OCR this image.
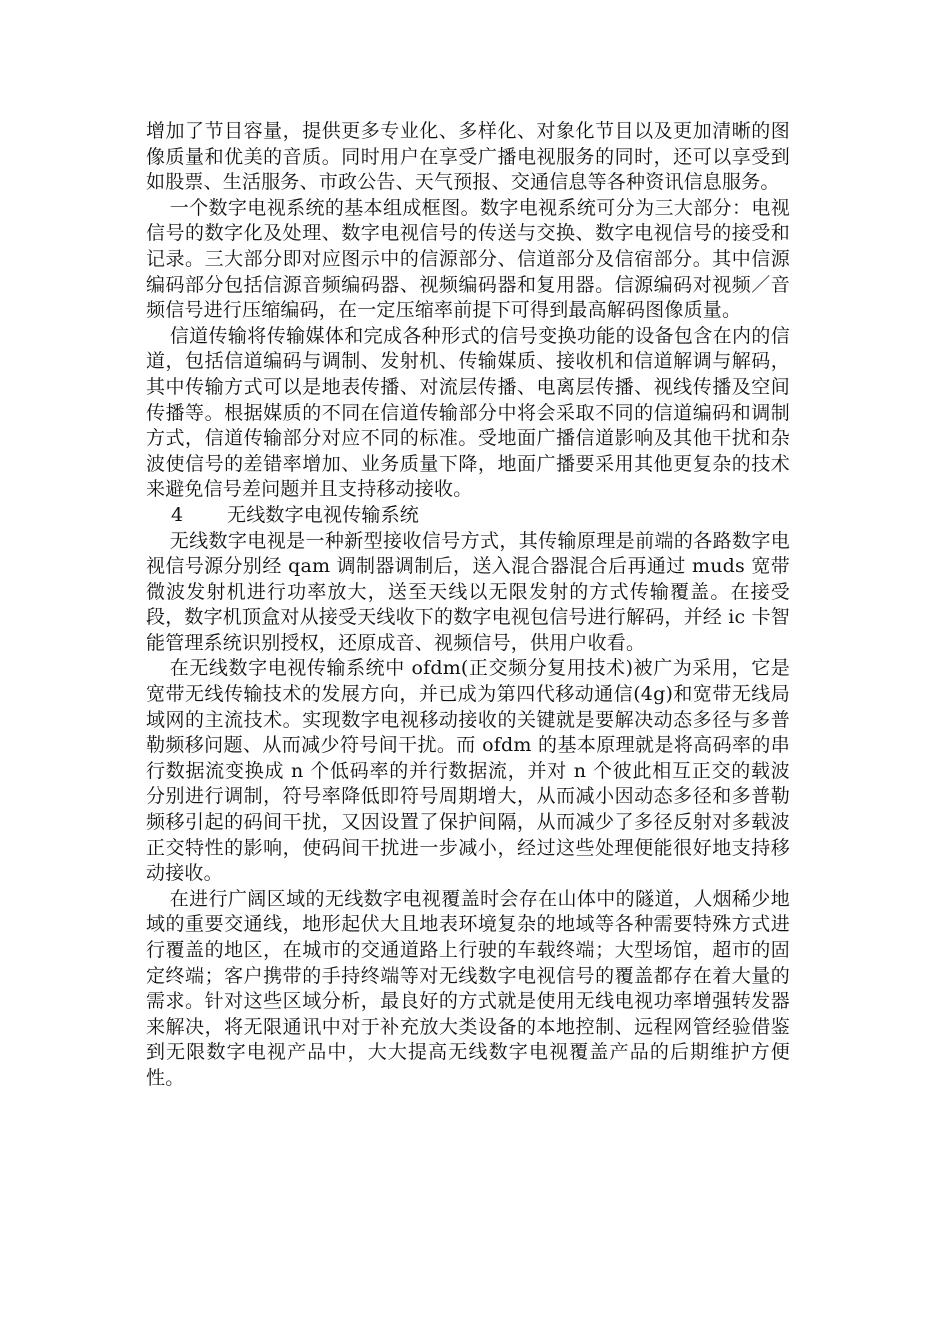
增加了节目容量，提供更多专业化、多样化、对象化节目以及更加清晰的图像质量和优美的音质。同时用户在享受广播电视服务的同时，还可以享受到如股票、生活服务、市政公告、天气预报、交通信息等各种资讯信息服务。

一个数字电视系统的基本组成框图。数字电视系统可分为三大部分：电视信号的数字化及处理、数字电视信号的传送与交换、数字电视信号的接受和记录。三大部分即对应图示中的信源部分、信道部分及信宿部分。其中信源编码部分包括信源音频编码器、视频编码器和复用器。信源编码对视频／音频信号进行压缩编码，在一定压缩率前提下可得到最高解码图像质量。

信道传输将传输媒体和完成各种形式的信号变换功能的设备包含在内的信道，包括信道编码与调制、发射机、传输媒质、接收机和信道解调与解码，其中传输方式可以是地表传播、对流层传播、电离层传播、视线传播及空间传播等。根据媒质的不同在信道传输部分中将会采取不同的信道编码和调制方式，信道传输部分对应不同的标准。受地面广播信道影响及其他干扰和杂波使信号的差错率增加、业务质量下降，地面广播要采用其他更复杂的技术来避免信号差问题并且支持移动接收。

4 无线数字电视传输系统

无线数字电视是一种新型接收信号方式，其传输原理是前端的各路数字电视信号源分别经 qam 调制器调制后，送入混合器混合后再通过 muds 宽带微波发射机进行功率放大，送至天线以无限发射的方式传输覆盖。在接受段，数字机顶盒对从接受天线收下的数字电视包信号进行解码，并经 ic 卡智能管理系统识别授权，还原成音、视频信号，供用户收看。

在无线数字电视传输系统中 ofdm(正交频分复用技术)被广为采用，它是宽带无线传输技术的发展方向，并已成为第四代移动通信(4g)和宽带无线局域网的主流技术。实现数字电视移动接收的关键就是要解决动态多径与多普勒频移问题、从而减少符号间干扰。而 ofdm 的基本原理就是将高码率的串行数据流变换成 n 个低码率的并行数据流，并对 n 个彼此相互正交的载波分别进行调制，符号率降低即符号周期增大，从而减小因动态多径和多普勒频移引起的码间干扰，又因设置了保护间隔，从而减少了多径反射对多载波正交特性的影响，使码间干扰进一步减小，经过这些处理便能很好地支持移动接收。

在进行广阔区域的无线数字电视覆盖时会存在山体中的隧道，人烟稀少地域的重要交通线，地形起伏大且地表环境复杂的地域等各种需要特殊方式进行覆盖的地区，在城市的交通道路上行驶的车载终端；大型场馆，超市的固定终端；客户携带的手持终端等对无线数字电视信号的覆盖都存在着大量的需求。针对这些区域分析，最良好的方式就是使用无线电视功率增强转发器来解决，将无限通讯中对于补充放大类设备的本地控制、远程网管经验借鉴到无限数字电视产品中，大大提高无线数字电视覆盖产品的后期维护方便性。
